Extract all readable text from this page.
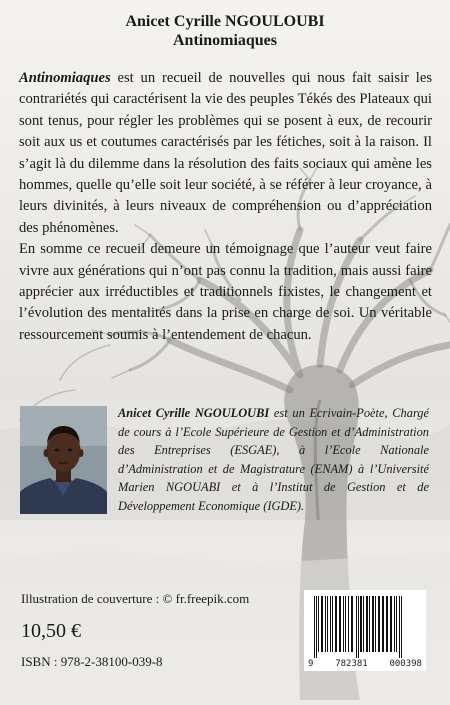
Anicet Cyrille NGOULOUBI
Antinomiaques

Antinomiaques est un recueil de nouvelles qui nous fait saisir les contrariétés qui caractérisent la vie des peuples Tékés des Plateaux qui sont tenus, pour régler les problèmes qui se posent à eux, de recourir soit aux us et coutumes caractérisés par les fétiches, soit à la raison. Il s’agit là du dilemme dans la résolution des faits sociaux qui amène les hommes, quelle qu’elle soit leur société, à se référer à leur croyance, à leurs divinités, à leurs niveaux de compréhension ou d’appréciation des phénomènes.

En somme ce recueil demeure un témoignage que l’auteur veut faire vivre aux générations qui n’ont pas connu la tradition, mais aussi faire apprécier aux irréductibles et traditionnels fixistes, le changement et l’évolution des mentalités dans la prise en charge de soi. Un véritable ressourcement soumis à l’entendement de chacun.

Anicet Cyrille NGOULOUBI est un Ecrivain-Poète, Chargé de cours à l’Ecole Supérieure de Gestion et d’Administration des Entreprises (ESGAE), à l’Ecole Nationale d’Administration et de Magistrature (ENAM) à l’Université Marien NGOUABI et à l’Institut de Gestion et de Développement Economique (IGDE).
Illustration de couverture : © fr.freepik.com
10,50 €
ISBN : 978-2-38100-039-8	9 782381 000398
